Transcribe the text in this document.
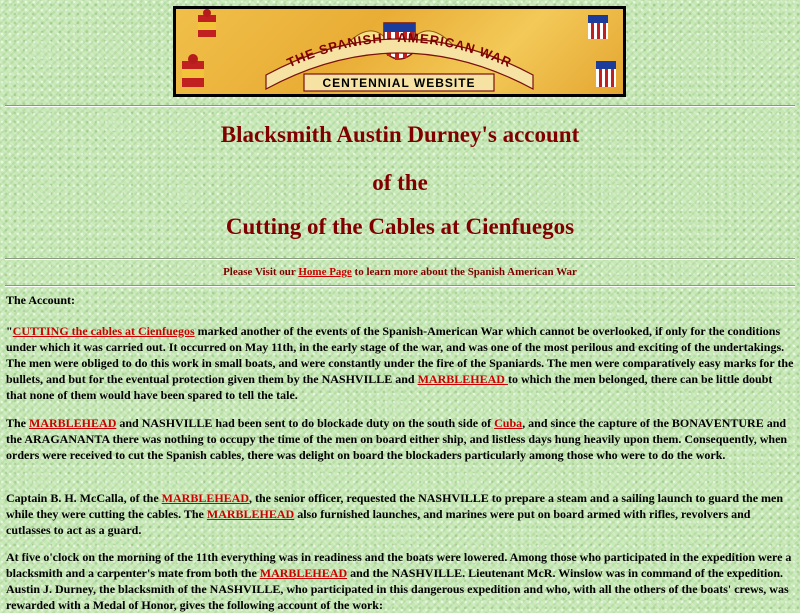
THE SPANISH - AMERICAN WAR
CENTENNIAL WEBSITE
Blacksmith Austin Durney's account
of the
Cutting of the Cables at Cienfuegos
Please Visit our Home Page to learn more about the Spanish American War
The Account:

"CUTTING the cables at Cienfuegos marked another of the events of the Spanish-American War which cannot be overlooked, if only for the conditions under which it was carried out. It occurred on May 11th, in the early stage of the war, and was one of the most perilous and exciting of the undertakings. The men were obliged to do this work in small boats, and were constantly under the fire of the Spaniards. The men were comparatively easy marks for the bullets, and but for the eventual protection given them by the NASHVILLE and MARBLEHEAD to which the men belonged, there can be little doubt that none of them would have been spared to tell the tale.

The MARBLEHEAD and NASHVILLE had been sent to do blockade duty on the south side of Cuba, and since the capture of the BONAVENTURE and the ARAGANANTA there was nothing to occupy the time of the men on board either ship, and listless days hung heavily upon them. Consequently, when orders were received to cut the Spanish cables, there was delight on board the blockaders particularly among those who were to do the work.

Captain B. H. McCalla, of the MARBLEHEAD, the senior officer, requested the NASHVILLE to prepare a steam and a sailing launch to guard the men while they were cutting the cables. The MARBLEHEAD also furnished launches, and marines were put on board armed with rifles, revolvers and cutlasses to act as a guard.

At five o'clock on the morning of the 11th everything was in readiness and the boats were lowered. Among those who participated in the expedition were a blacksmith and a carpenter's mate from both the MARBLEHEAD and the NASHVILLE. Lieutenant McR. Winslow was in command of the expedition. Austin J. Durney, the blacksmith of the NASHVILLE, who participated in this dangerous expedition and who, with all the others of the boats' crews, was rewarded with a Medal of Honor, gives the following account of the work:
